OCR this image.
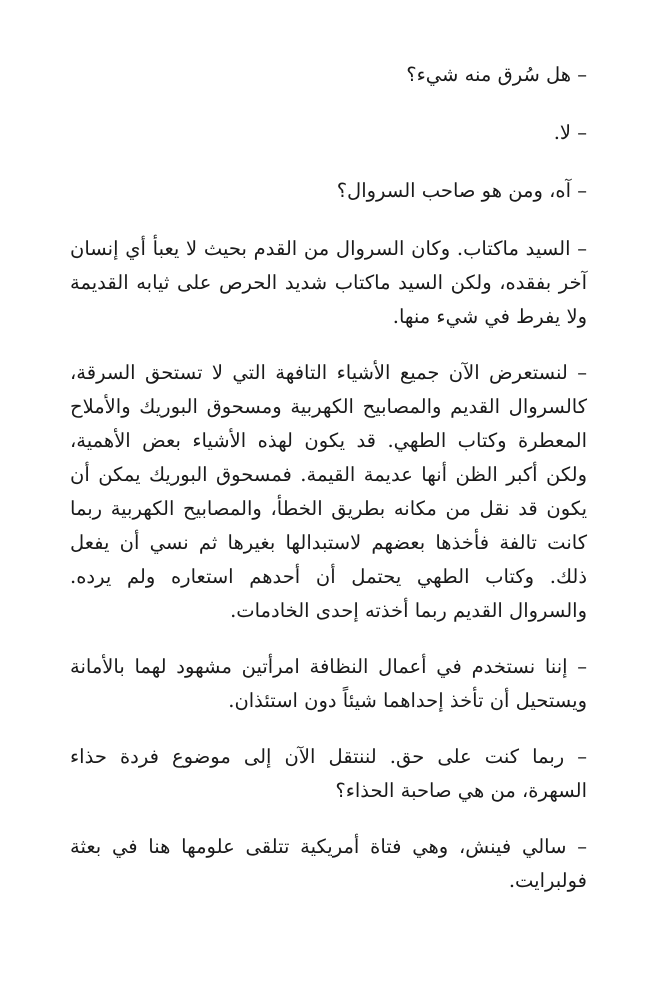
– هل سُرق منه شيء؟

– لا.

– آه، ومن هو صاحب السروال؟

– السيد ماكتاب. وكان السروال من القدم بحيث لا يعبأ أي إنسان آخر بفقده، ولكن السيد ماكتاب شديد الحرص على ثيابه القديمة ولا يفرط في شيء منها.

– لنستعرض الآن جميع الأشياء التافهة التي لا تستحق السرقة، كالسروال القديم والمصابيح الكهربية ومسحوق البوريك والأملاح المعطرة وكتاب الطهي. قد يكون لهذه الأشياء بعض الأهمية، ولكن أكبر الظن أنها عديمة القيمة. فمسحوق البوريك يمكن أن يكون قد نقل من مكانه بطريق الخطأ، والمصابيح الكهربية ربما كانت تالفة فأخذها بعضهم لاستبدالها بغيرها ثم نسي أن يفعل ذلك. وكتاب الطهي يحتمل أن أحدهم استعاره ولم يرده. والسروال القديم ربما أخذته إحدى الخادمات.

– إننا نستخدم في أعمال النظافة امرأتين مشهود لهما بالأمانة ويستحيل أن تأخذ إحداهما شيئاً دون استئذان.

– ربما كنت على حق. لننتقل الآن إلى موضوع فردة حذاء السهرة، من هي صاحبة الحذاء؟

– سالي فينش، وهي فتاة أمريكية تتلقى علومها هنا في بعثة فولبرايت.
